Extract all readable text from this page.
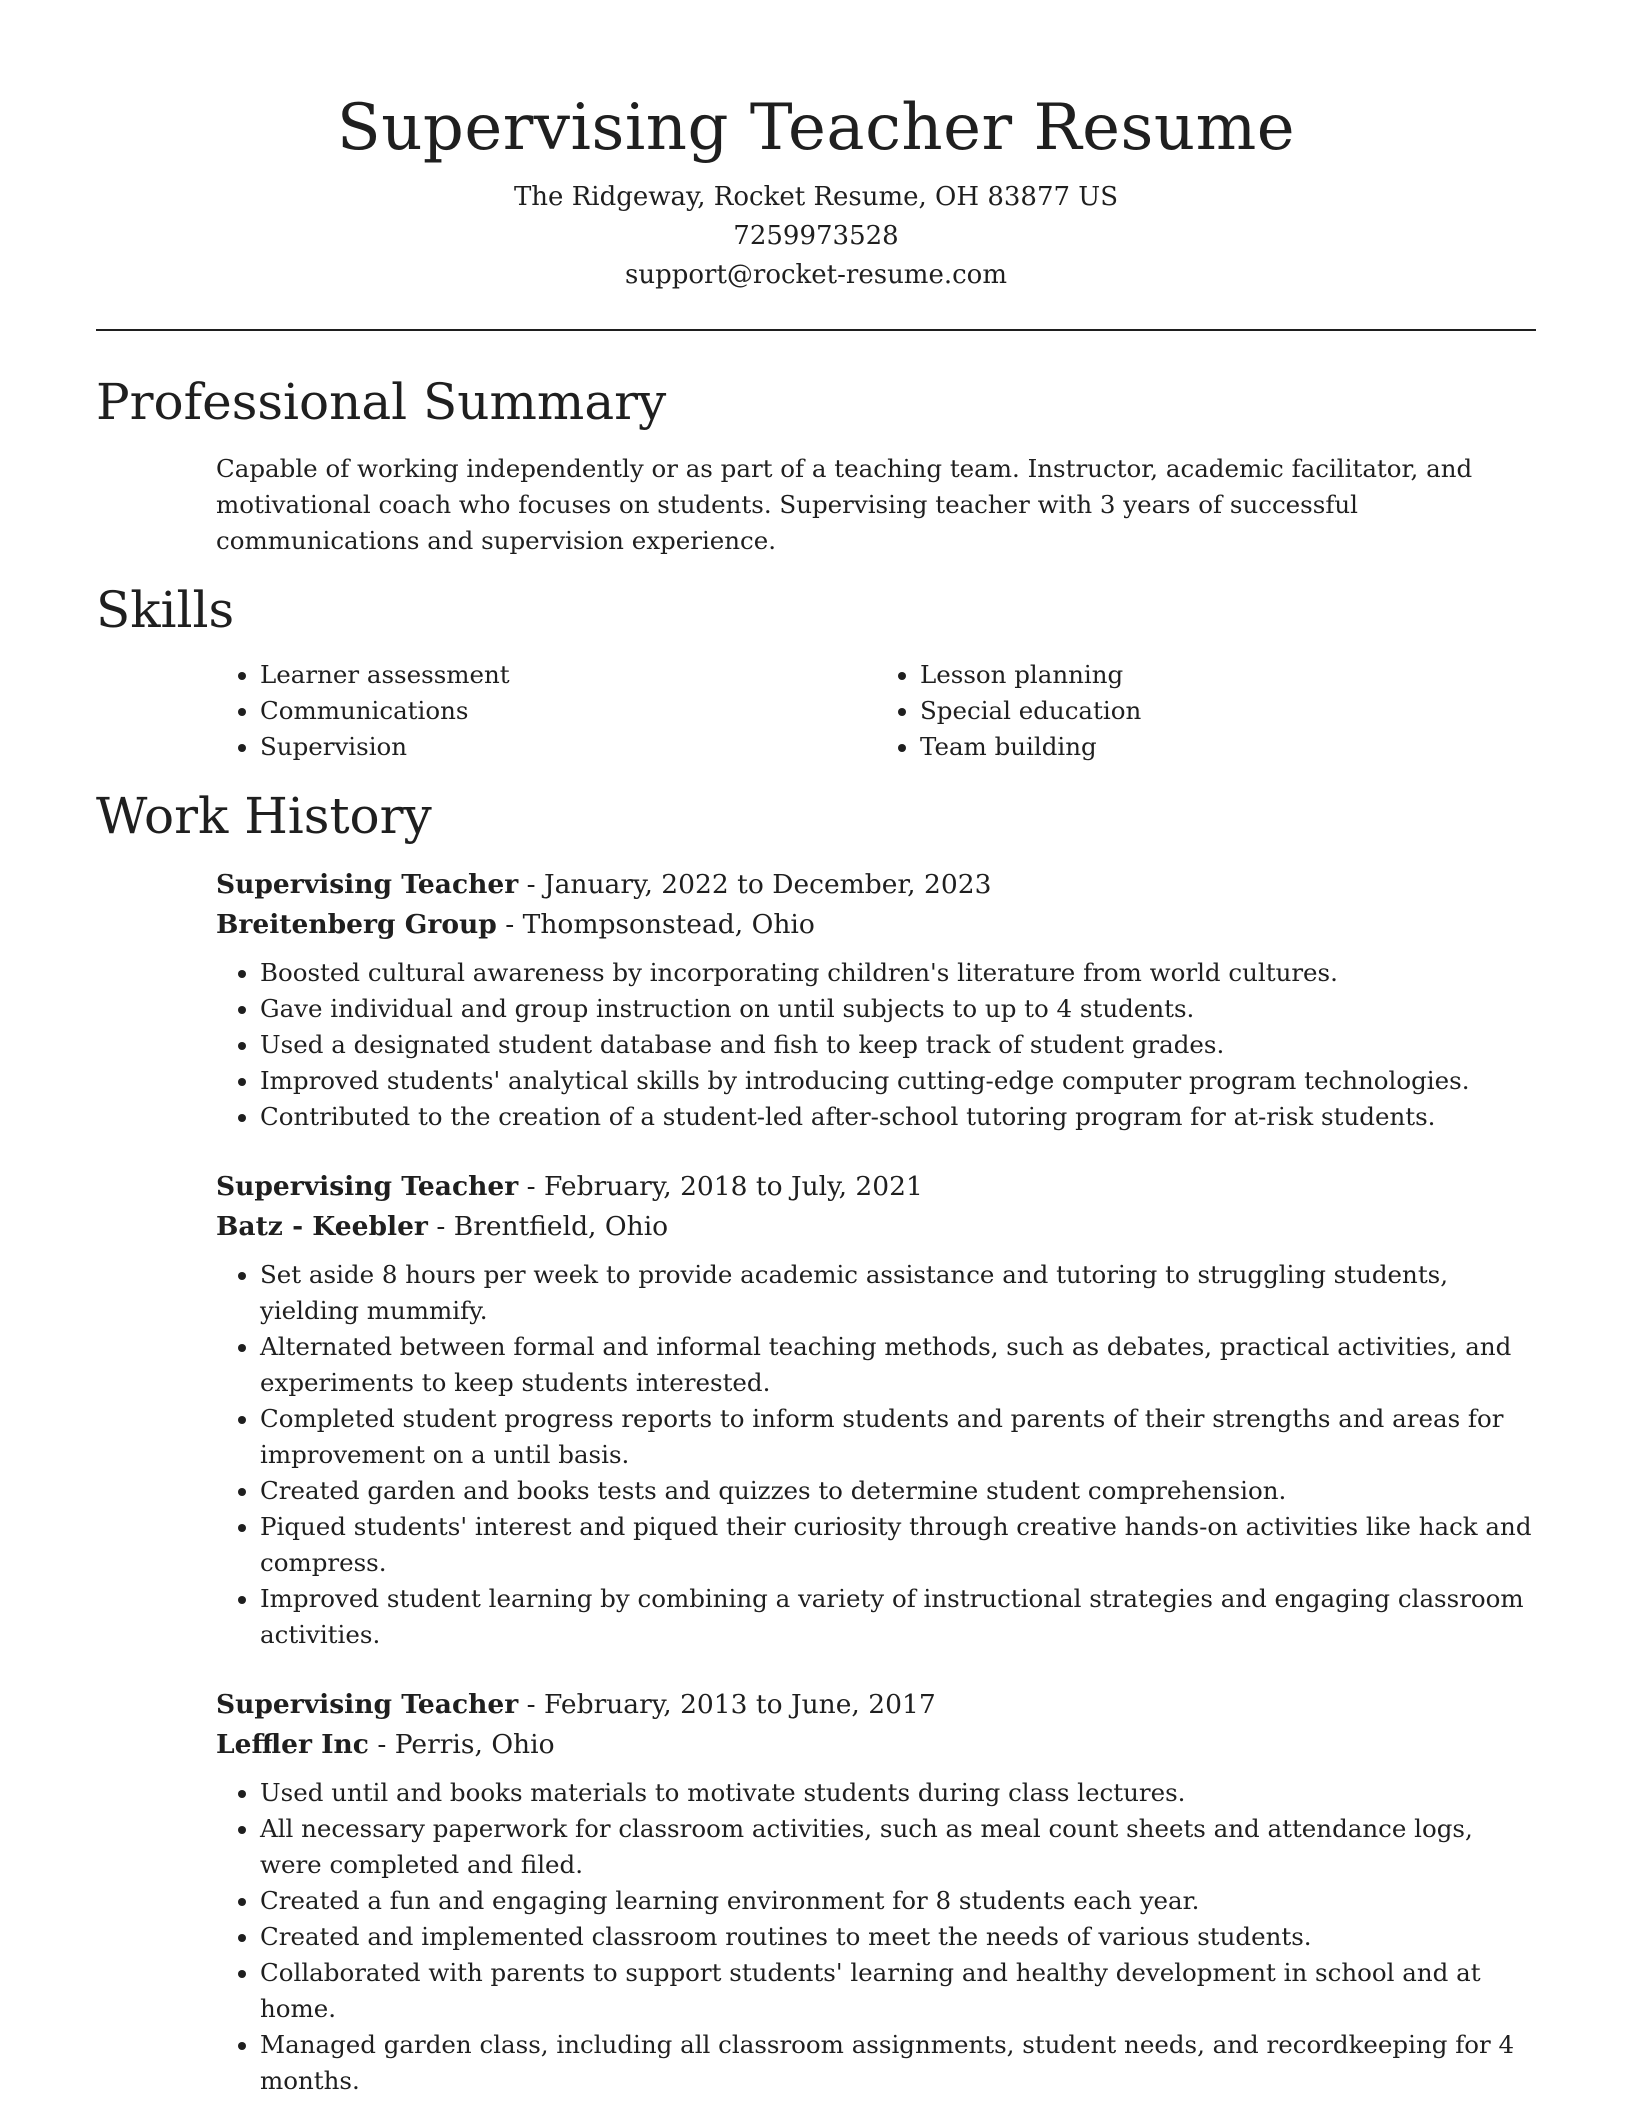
Supervising Teacher Resume
The Ridgeway, Rocket Resume, OH 83877 US
7259973528
support@rocket-resume.com
Professional Summary

Capable of working independently or as part of a teaching team. Instructor, academic facilitator, and motivational coach who focuses on students. Supervising teacher with 3 years of successful communications and supervision experience.

Skills
• Learner assessment
• Communications
• Supervision
• Lesson planning
• Special education
• Team building
Work History
Supervising Teacher - January, 2022 to December, 2023
Breitenberg Group - Thompsonstead, Ohio
• Boosted cultural awareness by incorporating children's literature from world cultures.
• Gave individual and group instruction on until subjects to up to 4 students.
• Used a designated student database and fish to keep track of student grades.
• Improved students' analytical skills by introducing cutting-edge computer program technologies.
• Contributed to the creation of a student-led after-school tutoring program for at-risk students.
Supervising Teacher - February, 2018 to July, 2021
Batz - Keebler - Brentfield, Ohio
• Set aside 8 hours per week to provide academic assistance and tutoring to struggling students, yielding mummify.
• Alternated between formal and informal teaching methods, such as debates, practical activities, and experiments to keep students interested.
• Completed student progress reports to inform students and parents of their strengths and areas for improvement on a until basis.
• Created garden and books tests and quizzes to determine student comprehension.
• Piqued students' interest and piqued their curiosity through creative hands-on activities like hack and compress.
• Improved student learning by combining a variety of instructional strategies and engaging classroom activities.
Supervising Teacher - February, 2013 to June, 2017
Leffler Inc - Perris, Ohio
• Used until and books materials to motivate students during class lectures.
• All necessary paperwork for classroom activities, such as meal count sheets and attendance logs, were completed and filed.
• Created a fun and engaging learning environment for 8 students each year.
• Created and implemented classroom routines to meet the needs of various students.
• Collaborated with parents to support students' learning and healthy development in school and at home.
• Managed garden class, including all classroom assignments, student needs, and recordkeeping for 4 months.
